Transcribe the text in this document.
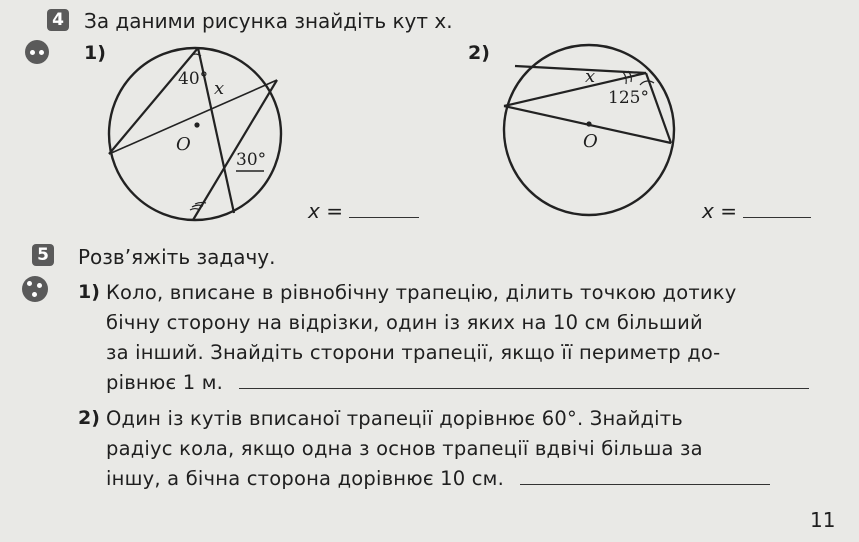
4 За даними рисунка знайдіть кут x.
1)	2)
40° x
O
30°
x =
x
125°
O
x =
5 Розв’яжіть задачу.
1) Коло, вписане в рівнобічну трапецію, ділить точкою дотику
бічну сторону на відрізки, один із яких на 10 см більший
за інший. Знайдіть сторони трапеції, якщо її периметр до-
рівнює 1 м.
2) Один із кутів вписаної трапеції дорівнює 60°. Знайдіть
радіус кола, якщо одна з основ трапеції вдвічі більша за
іншу, а бічна сторона дорівнює 10 см.
11
